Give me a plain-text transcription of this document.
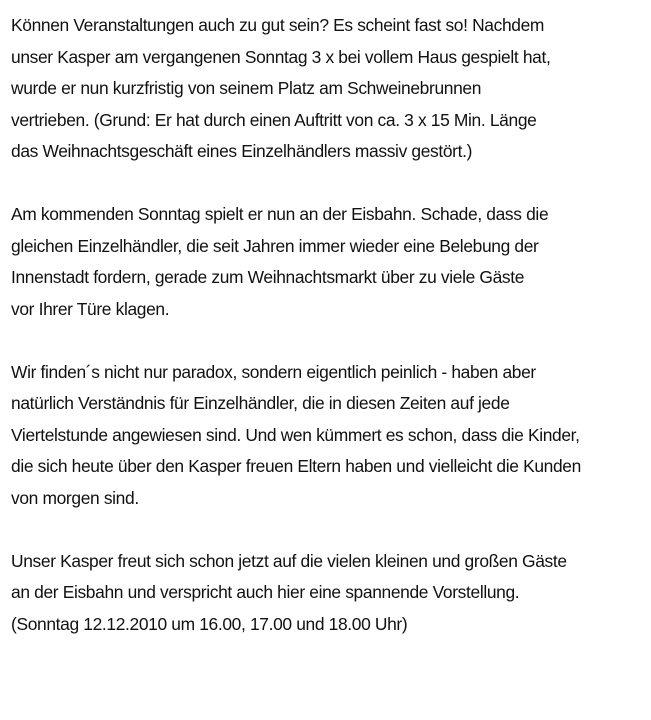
Können Veranstaltungen auch zu gut sein? Es scheint fast so! Nachdem
unser Kasper am vergangenen Sonntag 3 x bei vollem Haus gespielt hat,
wurde er nun kurzfristig von seinem Platz am Schweinebrunnen
vertrieben. (Grund: Er hat durch einen Auftritt von ca. 3 x 15 Min. Länge
das Weihnachtsgeschäft eines Einzelhändlers massiv gestört.)

Am kommenden Sonntag spielt er nun an der Eisbahn. Schade, dass die
gleichen Einzelhändler, die seit Jahren immer wieder eine Belebung der
Innenstadt fordern, gerade zum Weihnachtsmarkt über zu viele Gäste
vor Ihrer Türe klagen.

Wir finden´s nicht nur paradox, sondern eigentlich peinlich - haben aber
natürlich Verständnis für Einzelhändler, die in diesen Zeiten auf jede
Viertelstunde angewiesen sind. Und wen kümmert es schon, dass die Kinder,
die sich heute über den Kasper freuen Eltern haben und vielleicht die Kunden
von morgen sind.

Unser Kasper freut sich schon jetzt auf die vielen kleinen und großen Gäste
an der Eisbahn und verspricht auch hier eine spannende Vorstellung.
(Sonntag 12.12.2010 um 16.00, 17.00 und 18.00 Uhr)
